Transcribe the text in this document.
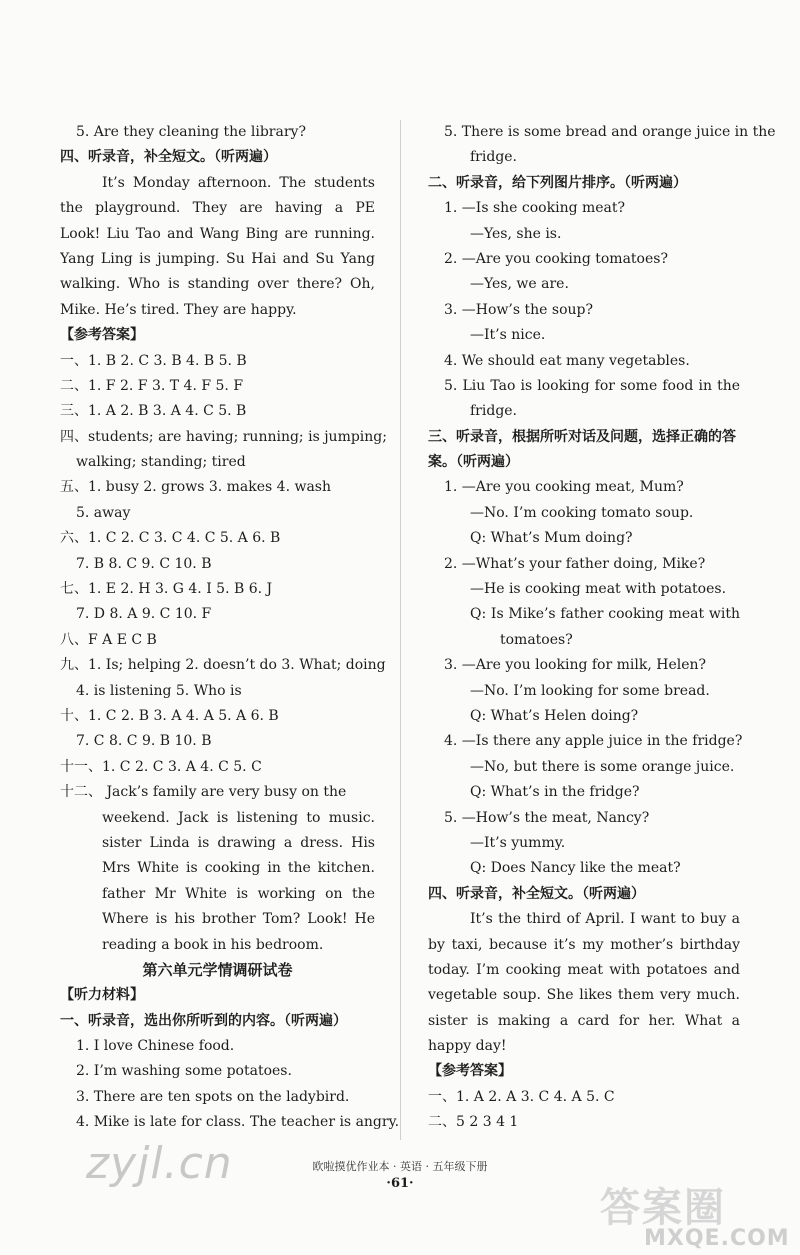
5. Are they cleaning the library?
四、听录音，补全短文。（听两遍）
It’s Monday afternoon. The students
the playground. They are having a PE
Look! Liu Tao and Wang Bing are running.
Yang Ling is jumping. Su Hai and Su Yang
walking. Who is standing over there? Oh,
Mike. He’s tired. They are happy.
【参考答案】
一、1. B 2. C 3. B 4. B 5. B
二、1. F 2. F 3. T 4. F 5. F
三、1. A 2. B 3. A 4. C 5. B
四、students; are having; running; is jumping;
walking; standing; tired
五、1. busy 2. grows 3. makes 4. wash
5. away
六、1. C 2. C 3. C 4. C 5. A 6. B
7. B 8. C 9. C 10. B
七、1. E 2. H 3. G 4. I 5. B 6. J
7. D 8. A 9. C 10. F
八、F A E C B
九、1. Is; helping 2. doesn’t do 3. What; doing
4. is listening 5. Who is
十、1. C 2. B 3. A 4. A 5. A 6. B
7. C 8. C 9. B 10. B
十一、1. C 2. C 3. A 4. C 5. C
十二、 Jack’s family are very busy on the
weekend. Jack is listening to music.
sister Linda is drawing a dress. His
Mrs White is cooking in the kitchen.
father Mr White is working on the
Where is his brother Tom? Look! He
reading a book in his bedroom.
第六单元学情调研试卷
【听力材料】
一、听录音，选出你所听到的内容。（听两遍）
1. I love Chinese food.
2. I’m washing some potatoes.
3. There are ten spots on the ladybird.
4. Mike is late for class. The teacher is angry.
5. There is some bread and orange juice in the
fridge.
二、听录音，给下列图片排序。（听两遍）
1. —Is she cooking meat?
—Yes, she is.
2. —Are you cooking tomatoes?
—Yes, we are.
3. —How’s the soup?
—It’s nice.
4. We should eat many vegetables.
5. Liu Tao is looking for some food in the
fridge.
三、听录音，根据所听对话及问题，选择正确的答
案。（听两遍）
1. —Are you cooking meat, Mum?
—No. I’m cooking tomato soup.
Q: What’s Mum doing?
2. —What’s your father doing, Mike?
—He is cooking meat with potatoes.
Q: Is Mike’s father cooking meat with
tomatoes?
3. —Are you looking for milk, Helen?
—No. I’m looking for some bread.
Q: What’s Helen doing?
4. —Is there any apple juice in the fridge?
—No, but there is some orange juice.
Q: What’s in the fridge?
5. —How’s the meat, Nancy?
—It’s yummy.
Q: Does Nancy like the meat?
四、听录音，补全短文。（听两遍）
It’s the third of April. I want to buy a
by taxi, because it’s my mother’s birthday
today. I’m cooking meat with potatoes and
vegetable soup. She likes them very much.
sister is making a card for her. What a
happy day!
【参考答案】
一、1. A 2. A 3. C 4. A 5. C
二、5 2 3 4 1
欧啦摸优作业本 · 英语 · 五年级下册
·61·
zyjl.cn
答案圈
MXQE.COM
